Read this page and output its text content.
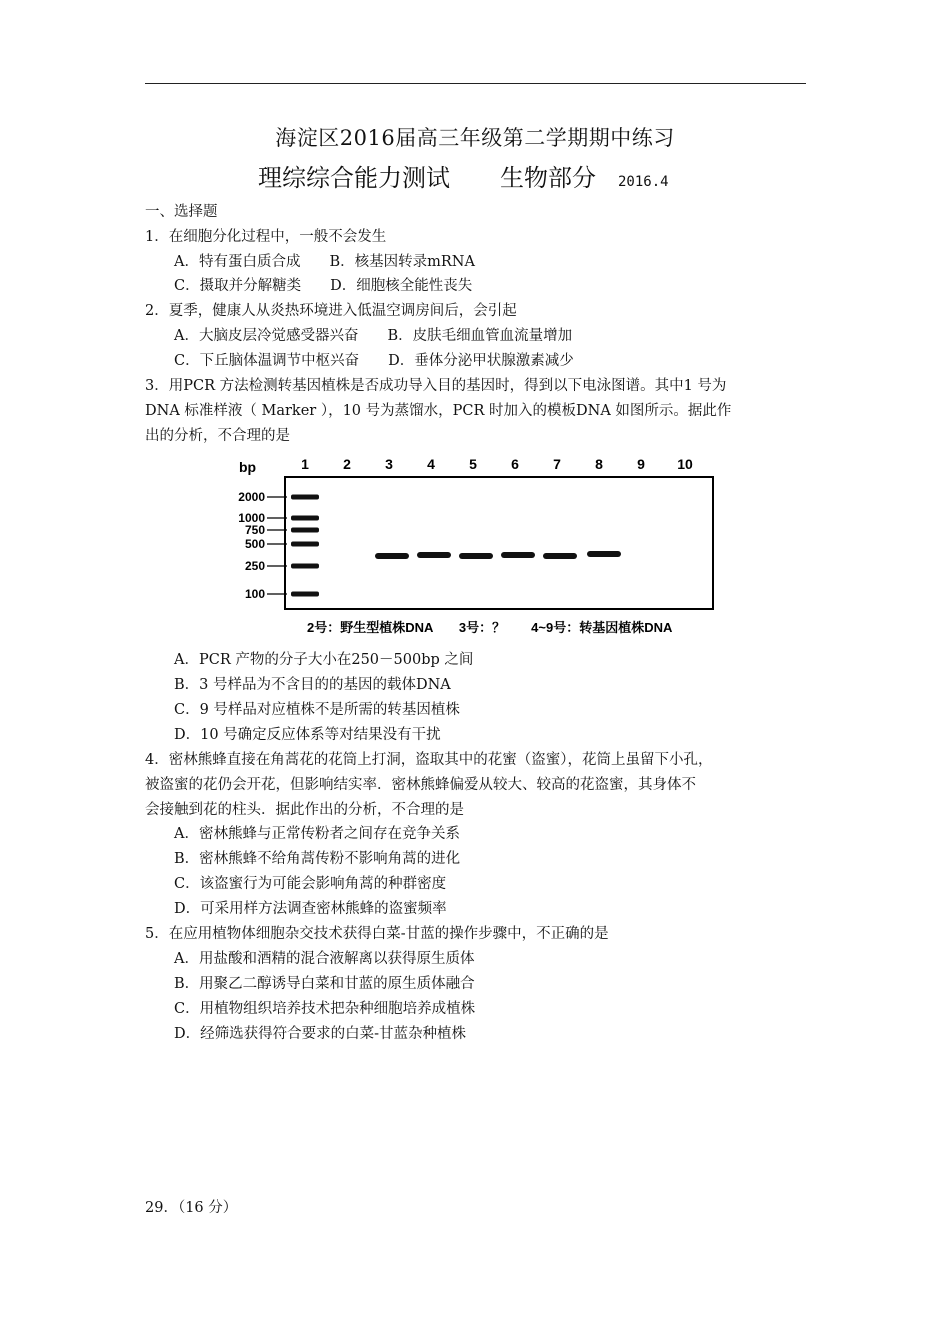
海淀区2016届高三年级第二学期期中练习
理综综合能力测试 生物部分 2016.4
一、选择题
1．在细胞分化过程中，一般不会发生
A．特有蛋白质合成　　B．核基因转录mRNA
C．摄取并分解糖类　　D．细胞核全能性丧失
2．夏季，健康人从炎热环境进入低温空调房间后，会引起
A．大脑皮层冷觉感受器兴奋　　B．皮肤毛细血管血流量增加
C．下丘脑体温调节中枢兴奋　　D．垂体分泌甲状腺激素减少
3．用PCR 方法检测转基因植株是否成功导入目的基因时，得到以下电泳图谱。其中1 号为
DNA 标准样液（ Marker ），10 号为蒸馏水，PCR 时加入的模板DNA 如图所示。据此作
出的分析，不合理的是
bp	1 2 3 4 5 6 7 8 9 10
2000
1000
750
500
250
100
2号：野生型植株DNA　　3号：？　　4~9号：转基因植株DNA
A．PCR 产物的分子大小在250－500bp 之间
B．3 号样品为不含目的的基因的载体DNA
C．9 号样品对应植株不是所需的转基因植株
D．10 号确定反应体系等对结果没有干扰
4．密林熊蜂直接在角蒿花的花筒上打洞，盗取其中的花蜜（盗蜜），花筒上虽留下小孔，
被盗蜜的花仍会开花，但影响结实率．密林熊蜂偏爱从较大、较高的花盗蜜，其身体不
会接触到花的柱头．据此作出的分析，不合理的是
A．密林熊蜂与正常传粉者之间存在竞争关系
B．密林熊蜂不给角蒿传粉不影响角蒿的进化
C．该盗蜜行为可能会影响角蒿的种群密度
D．可采用样方法调查密林熊蜂的盗蜜频率
5．在应用植物体细胞杂交技术获得白菜-甘蓝的操作步骤中，不正确的是
A．用盐酸和酒精的混合液解离以获得原生质体
B．用聚乙二醇诱导白菜和甘蓝的原生质体融合
C．用植物组织培养技术把杂种细胞培养成植株
D．经筛选获得符合要求的白菜-甘蓝杂种植株
29．（16 分）
